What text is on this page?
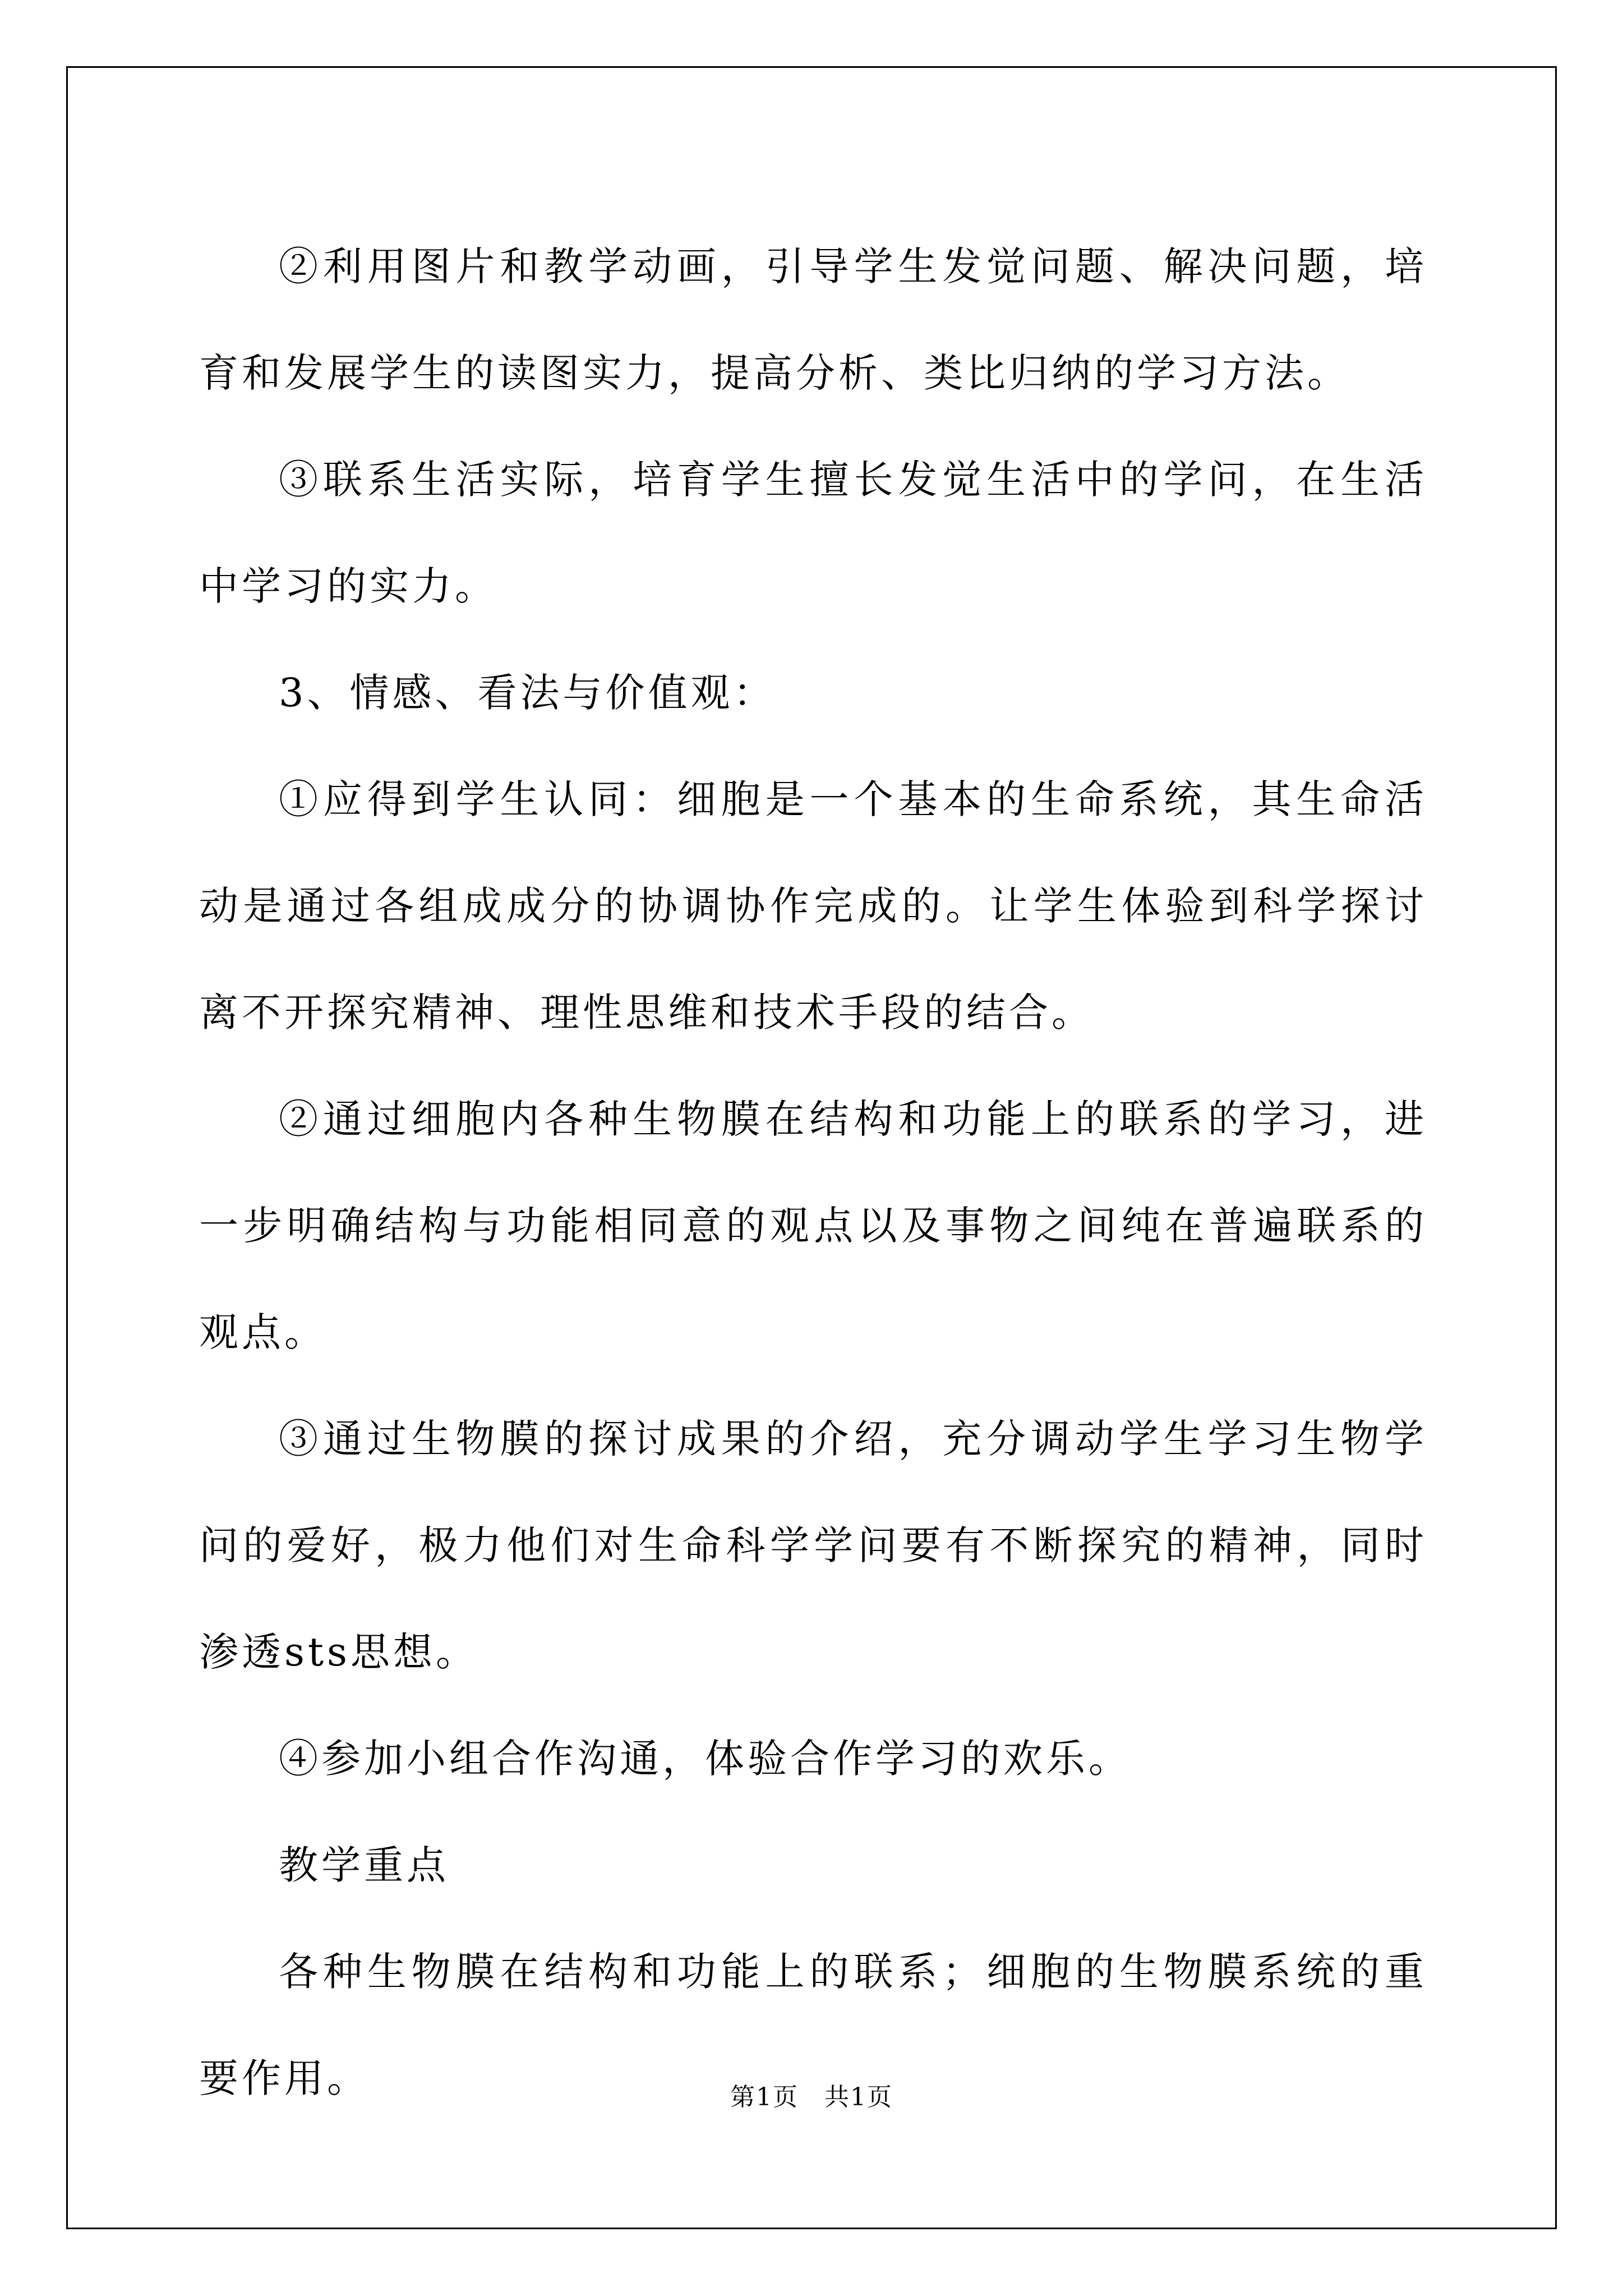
②利用图片和教学动画，引导学生发觉问题、解决问题，培育和发展学生的读图实力，提高分析、类比归纳的学习方法。

③联系生活实际，培育学生擅长发觉生活中的学问，在生活中学习的实力。

3、情感、看法与价值观：

①应得到学生认同：细胞是一个基本的生命系统，其生命活动是通过各组成成分的协调协作完成的。让学生体验到科学探讨离不开探究精神、理性思维和技术手段的结合。

②通过细胞内各种生物膜在结构和功能上的联系的学习，进一步明确结构与功能相同意的观点以及事物之间纯在普遍联系的观点。

③通过生物膜的探讨成果的介绍，充分调动学生学习生物学问的爱好，极力他们对生命科学学问要有不断探究的精神，同时渗透sts思想。

④参加小组合作沟通，体验合作学习的欢乐。

教学重点

各种生物膜在结构和功能上的联系；细胞的生物膜系统的重要作用。	第1页　共1页
